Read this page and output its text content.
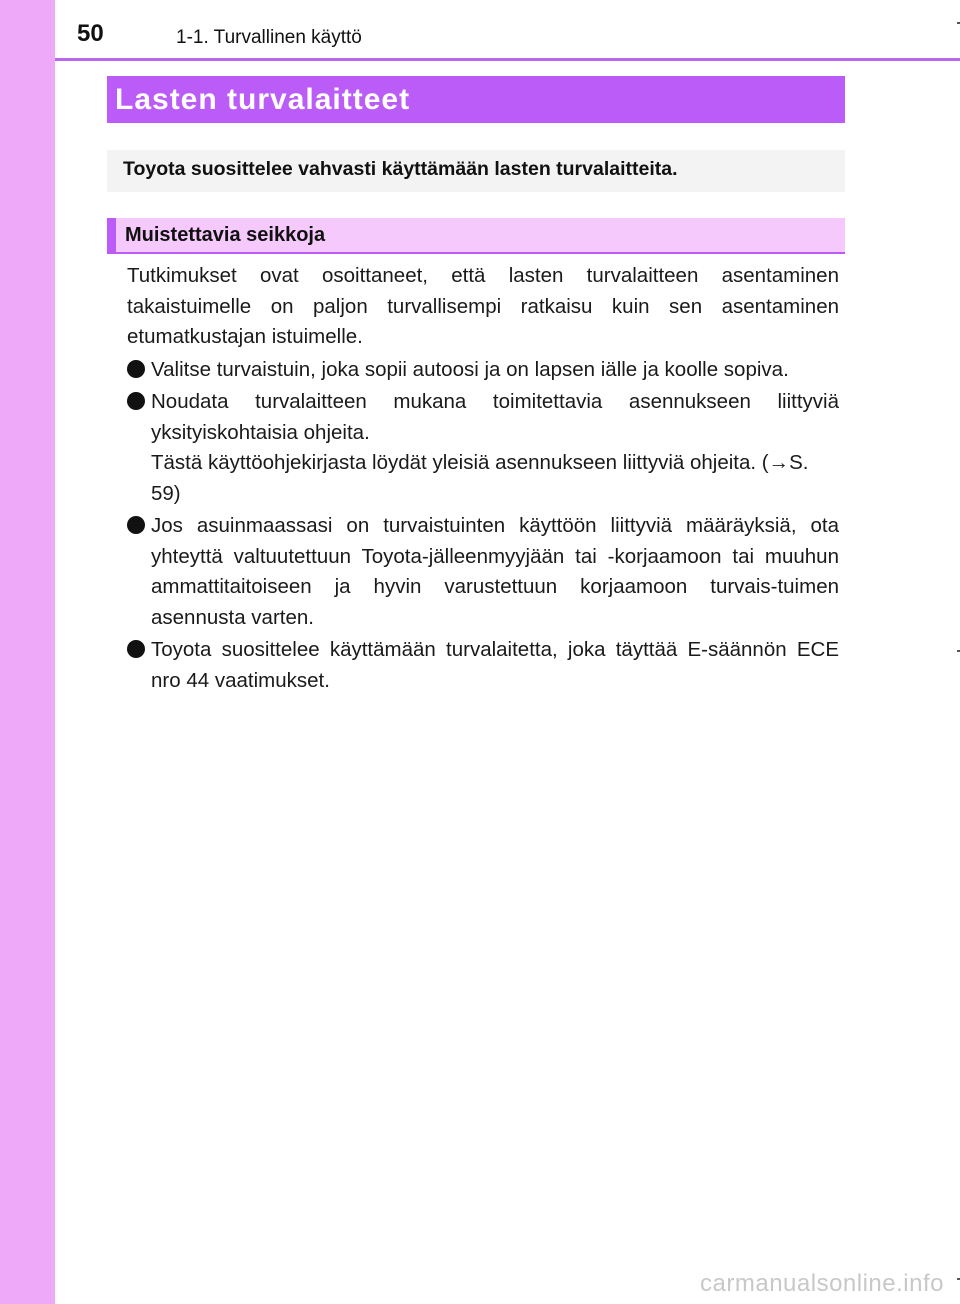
50	1-1. Turvallinen käyttö
Lasten turvalaitteet
Toyota suosittelee vahvasti käyttämään lasten turvalaitteita.
Muistettavia seikkoja

Tutkimukset ovat osoittaneet, että lasten turvalaitteen asentaminen takaistuimelle on paljon turvallisempi ratkaisu kuin sen asentaminen etumatkustajan istuimelle.

Valitse turvaistuin, joka sopii autoosi ja on lapsen iälle ja koolle sopiva.

Noudata turvalaitteen mukana toimitettavia asennukseen liittyviä yksityiskohtaisia ohjeita.

Tästä käyttöohjekirjasta löydät yleisiä asennukseen liittyviä ohjeita. (→S. 59)

Jos asuinmaassasi on turvaistuinten käyttöön liittyviä määräyksiä, ota yhteyttä valtuutettuun Toyota-jälleenmyyjään tai -korjaamoon tai muuhun ammattitaitoiseen ja hyvin varustettuun korjaamoon turvais-tuimen asennusta varten.

Toyota suosittelee käyttämään turvalaitetta, joka täyttää E-säännön ECE nro 44 vaatimukset.

carmanualsonline.info
